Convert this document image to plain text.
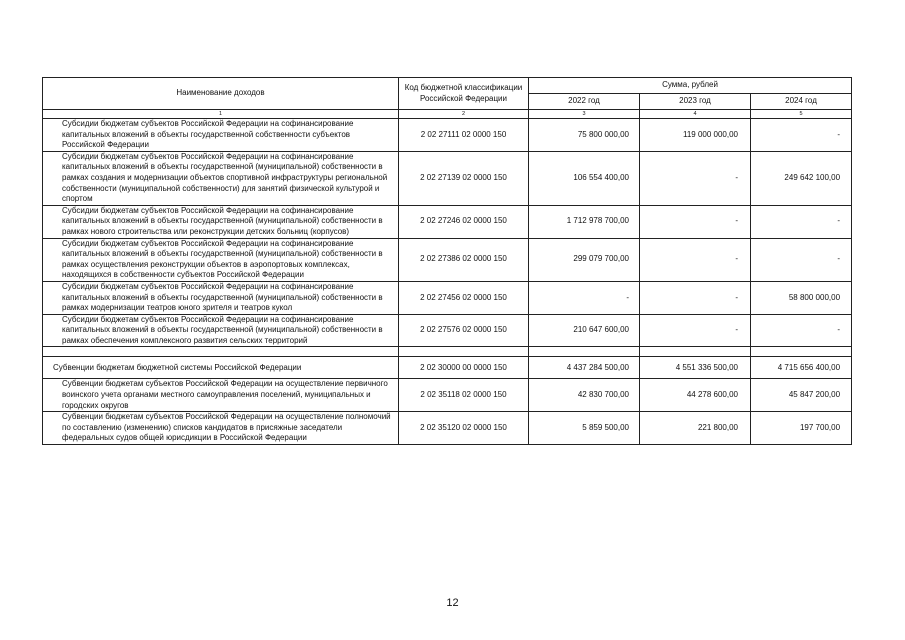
Наименование доходов	Код бюджетной классификации Российской Федерации	Сумма, рублей		
		2022 год	2023 год	2024 год
1	2	3	4	5
Субсидии бюджетам субъектов Российской Федерации на софинансирование капитальных вложений в объекты государственной собственности субъектов Российской Федерации	2 02 27111 02 0000 150	75 800 000,00	119 000 000,00	-
Субсидии бюджетам субъектов Российской Федерации на софинансирование капитальных вложений в объекты государственной (муниципальной) собственности в рамках создания и модернизации объектов спортивной инфраструктуры региональной собственности (муниципальной собственности) для занятий физической культурой и спортом	2 02 27139 02 0000 150	106 554 400,00	-	249 642 100,00
Субсидии бюджетам субъектов Российской Федерации на софинансирование капитальных вложений в объекты государственной (муниципальной) собственности в рамках нового строительства или реконструкции детских больниц (корпусов)	2 02 27246 02 0000 150	1 712 978 700,00	-	-
Субсидии бюджетам субъектов Российской Федерации на софинансирование капитальных вложений в объекты государственной (муниципальной) собственности в рамках осуществления реконструкции объектов в аэропортовых комплексах, находящихся в собственности субъектов Российской Федерации	2 02 27386 02 0000 150	299 079 700,00	-	-
Субсидии бюджетам субъектов Российской Федерации на софинансирование капитальных вложений в объекты государственной (муниципальной) собственности в рамках модернизации театров юного зрителя и театров кукол	2 02 27456 02 0000 150	-	-	58 800 000,00
Субсидии бюджетам субъектов Российской Федерации на софинансирование капитальных вложений в объекты государственной (муниципальной) собственности в рамках обеспечения комплексного развития сельских территорий	2 02 27576 02 0000 150	210 647 600,00	-	-

Субвенции бюджетам бюджетной системы Российской Федерации	2 02 30000 00 0000 150	4 437 284 500,00	4 551 336 500,00	4 715 656 400,00
Субвенции бюджетам субъектов Российской Федерации на осуществление первичного воинского учета органами местного самоуправления поселений, муниципальных и городских округов	2 02 35118 02 0000 150	42 830 700,00	44 278 600,00	45 847 200,00
Субвенции бюджетам субъектов Российской Федерации на осуществление полномочий по составлению (изменению) списков кандидатов в присяжные заседатели федеральных судов общей юрисдикции в Российской Федерации	2 02 35120 02 0000 150	5 859 500,00	221 800,00	197 700,00
12
